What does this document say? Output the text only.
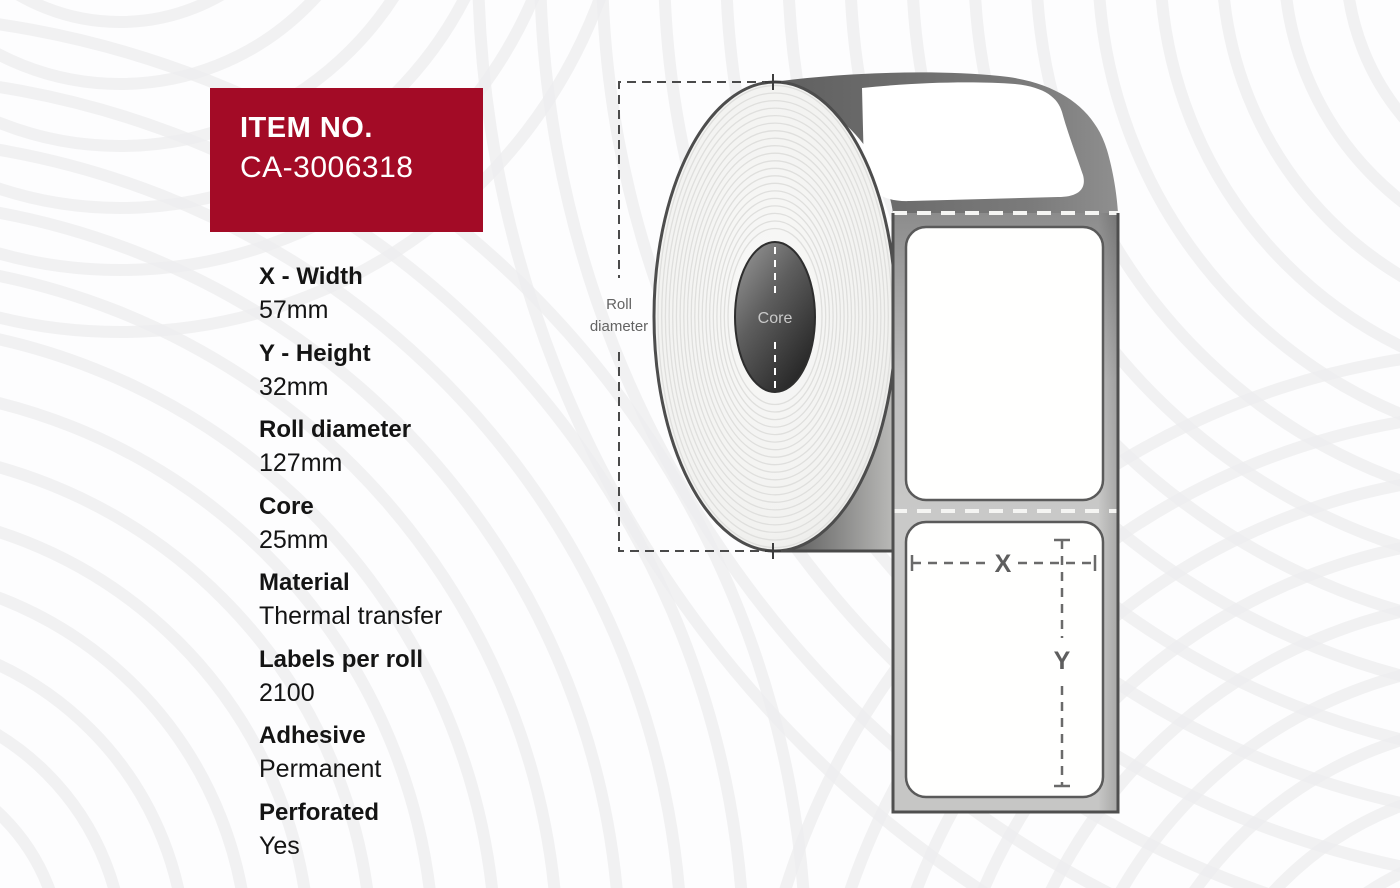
Core
X
Y
Roll
diameter
ITEM NO.
CA-3006318
X - Width
57mm
Y - Height
32mm
Roll diameter
127mm
Core
25mm
Material
Thermal transfer
Labels per roll
2100
Adhesive
Permanent
Perforated
Yes
